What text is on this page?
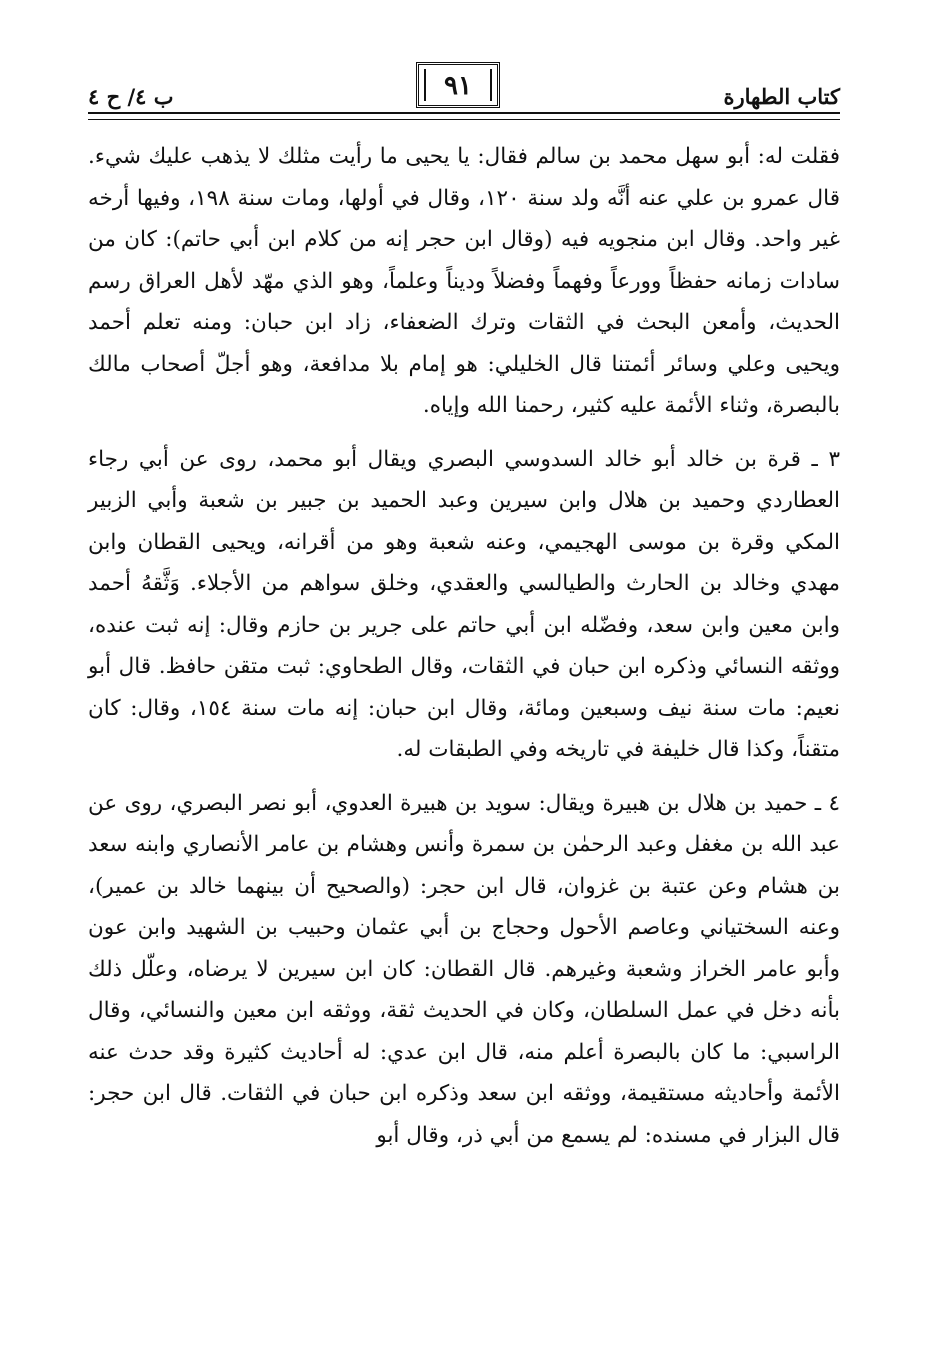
ب ٤/ ح ٤	٩١	كتاب الطهارة

فقلت له: أبو سهل محمد بن سالم فقال: يا يحيى ما رأيت مثلك لا يذهب عليك شيء. قال عمرو بن علي عنه أنَّه ولد سنة ١٢٠، وقال في أولها، ومات سنة ١٩٨، وفيها أرخه غير واحد. وقال ابن منجويه فيه (وقال ابن حجر إنه من كلام ابن أبي حاتم): كان من سادات زمانه حفظاً وورعاً وفهماً وفضلاً وديناً وعلماً، وهو الذي مهّد لأهل العراق رسم الحديث، وأمعن البحث في الثقات وترك الضعفاء، زاد ابن حبان: ومنه تعلم أحمد ويحيى وعلي وسائر أئمتنا قال الخليلي: هو إمام بلا مدافعة، وهو أجلّ أصحاب مالك بالبصرة، وثناء الأئمة عليه كثير، رحمنا الله وإياه.

٣ ـ قرة بن خالد أبو خالد السدوسي البصري ويقال أبو محمد، روى عن أبي رجاء العطاردي وحميد بن هلال وابن سيرين وعبد الحميد بن جبير بن شعبة وأبي الزبير المكي وقرة بن موسى الهجيمي، وعنه شعبة وهو من أقرانه، ويحيى القطان وابن مهدي وخالد بن الحارث والطيالسي والعقدي، وخلق سواهم من الأجلاء. وَثَّقهُ أحمد وابن معين وابن سعد، وفضّله ابن أبي حاتم على جرير بن حازم وقال: إنه ثبت عنده، ووثقه النسائي وذكره ابن حبان في الثقات، وقال الطحاوي: ثبت متقن حافظ. قال أبو نعيم: مات سنة نيف وسبعين ومائة، وقال ابن حبان: إنه مات سنة ١٥٤، وقال: كان متقناً، وكذا قال خليفة في تاريخه وفي الطبقات له.

٤ ـ حميد بن هلال بن هبيرة ويقال: سويد بن هبيرة العدوي، أبو نصر البصري، روى عن عبد الله بن مغفل وعبد الرحمٰن بن سمرة وأنس وهشام بن عامر الأنصاري وابنه سعد بن هشام وعن عتبة بن غزوان، قال ابن حجر: (والصحيح أن بينهما خالد بن عمير)، وعنه السختياني وعاصم الأحول وحجاج بن أبي عثمان وحبيب بن الشهيد وابن عون وأبو عامر الخراز وشعبة وغيرهم. قال القطان: كان ابن سيرين لا يرضاه، وعلّل ذلك بأنه دخل في عمل السلطان، وكان في الحديث ثقة، ووثقه ابن معين والنسائي، وقال الراسبي: ما كان بالبصرة أعلم منه، قال ابن عدي: له أحاديث كثيرة وقد حدث عنه الأئمة وأحاديثه مستقيمة، ووثقه ابن سعد وذكره ابن حبان في الثقات. قال ابن حجر: قال البزار في مسنده: لم يسمع من أبي ذر، وقال أبو
